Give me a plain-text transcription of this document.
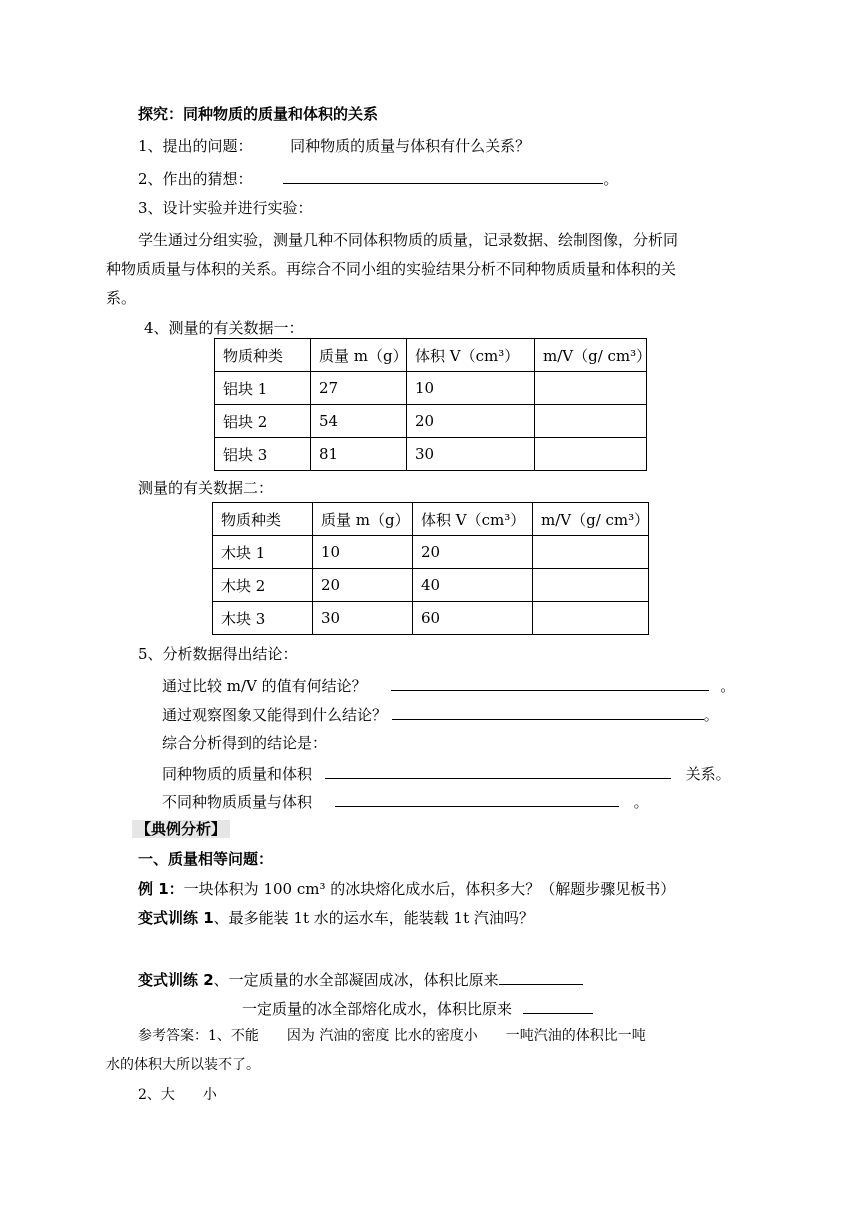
探究：同种物质的质量和体积的关系
1、提出的问题：	同种物质的质量与体积有什么关系？
2、作出的猜想：	。
3、设计实验并进行实验：
学生通过分组实验，测量几种不同体积物质的质量，记录数据、绘制图像，分析同
种物质质量与体积的关系。再综合不同小组的实验结果分析不同种物质质量和体积的关
系。
4、测量的有关数据一：
物质种类	质量 m（g）	体积 V（cm³）	m/V（g/ cm³）
铝块 1	27	10	
铝块 2	54	20	
铝块 3	81	30	
测量的有关数据二：
物质种类	质量 m（g）	体积 V（cm³）	m/V（g/ cm³）
木块 1	10	20	
木块 2	20	40	
木块 3	30	60	
5、分析数据得出结论：
通过比较 m/V 的值有何结论？	。
通过观察图象又能得到什么结论？	。
综合分析得到的结论是：
同种物质的质量和体积	关系。
不同种物质质量与体积	。
【典例分析】
一、质量相等问题：
例 1：一块体积为 100 cm³ 的冰块熔化成水后，体积多大？（解题步骤见板书）
变式训练 1、最多能装 1t 水的运水车，能装载 1t 汽油吗？
变式训练 2、一定质量的水全部凝固成冰，体积比原来
一定质量的冰全部熔化成水，体积比原来
参考答案：1、不能　　因为 汽油的密度 比水的密度小　　一吨汽油的体积比一吨
水的体积大所以装不了。
2、大　　小
